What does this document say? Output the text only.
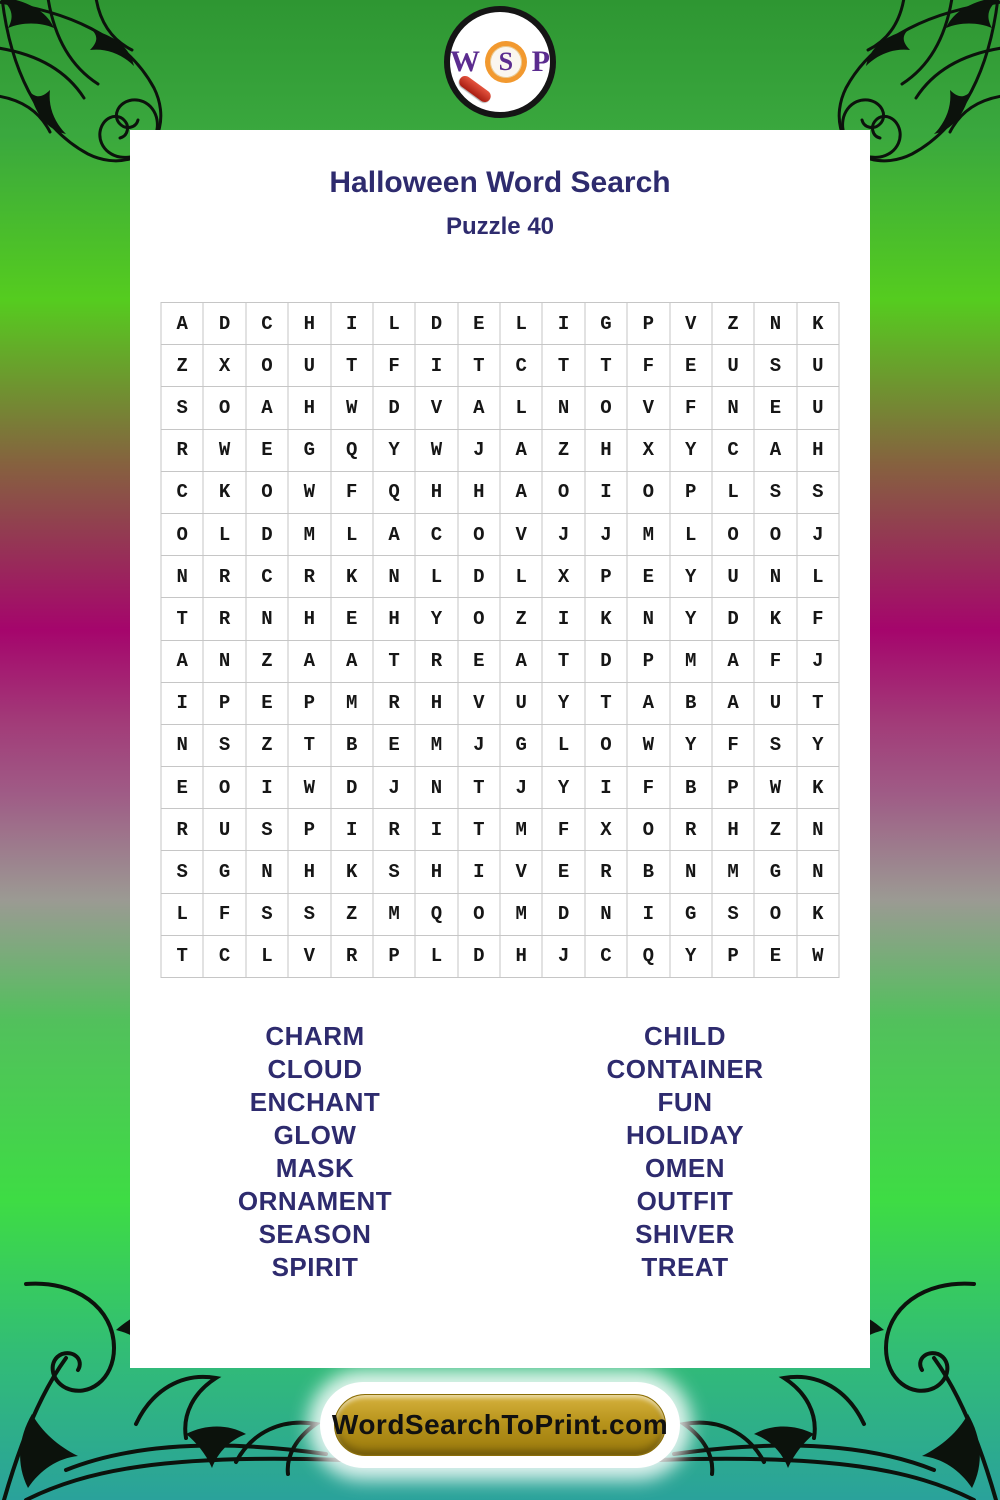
W S P
Halloween Word Search
Puzzle 40
A	D	C	H	I	L	D	E	L	I	G	P	V	Z	N	K
Z	X	O	U	T	F	I	T	C	T	T	F	E	U	S	U
S	O	A	H	W	D	V	A	L	N	O	V	F	N	E	U
R	W	E	G	Q	Y	W	J	A	Z	H	X	Y	C	A	H
C	K	O	W	F	Q	H	H	A	O	I	O	P	L	S	S
O	L	D	M	L	A	C	O	V	J	J	M	L	O	O	J
N	R	C	R	K	N	L	D	L	X	P	E	Y	U	N	L
T	R	N	H	E	H	Y	O	Z	I	K	N	Y	D	K	F
A	N	Z	A	A	T	R	E	A	T	D	P	M	A	F	J
I	P	E	P	M	R	H	V	U	Y	T	A	B	A	U	T
N	S	Z	T	B	E	M	J	G	L	O	W	Y	F	S	Y
E	O	I	W	D	J	N	T	J	Y	I	F	B	P	W	K
R	U	S	P	I	R	I	T	M	F	X	O	R	H	Z	N
S	G	N	H	K	S	H	I	V	E	R	B	N	M	G	N
L	F	S	S	Z	M	Q	O	M	D	N	I	G	S	O	K
T	C	L	V	R	P	L	D	H	J	C	Q	Y	P	E	W
CHARM
CLOUD
ENCHANT
GLOW
MASK
ORNAMENT
SEASON
SPIRIT
CHILD
CONTAINER
FUN
HOLIDAY
OMEN
OUTFIT
SHIVER
TREAT
WordSearchToPrint.com
